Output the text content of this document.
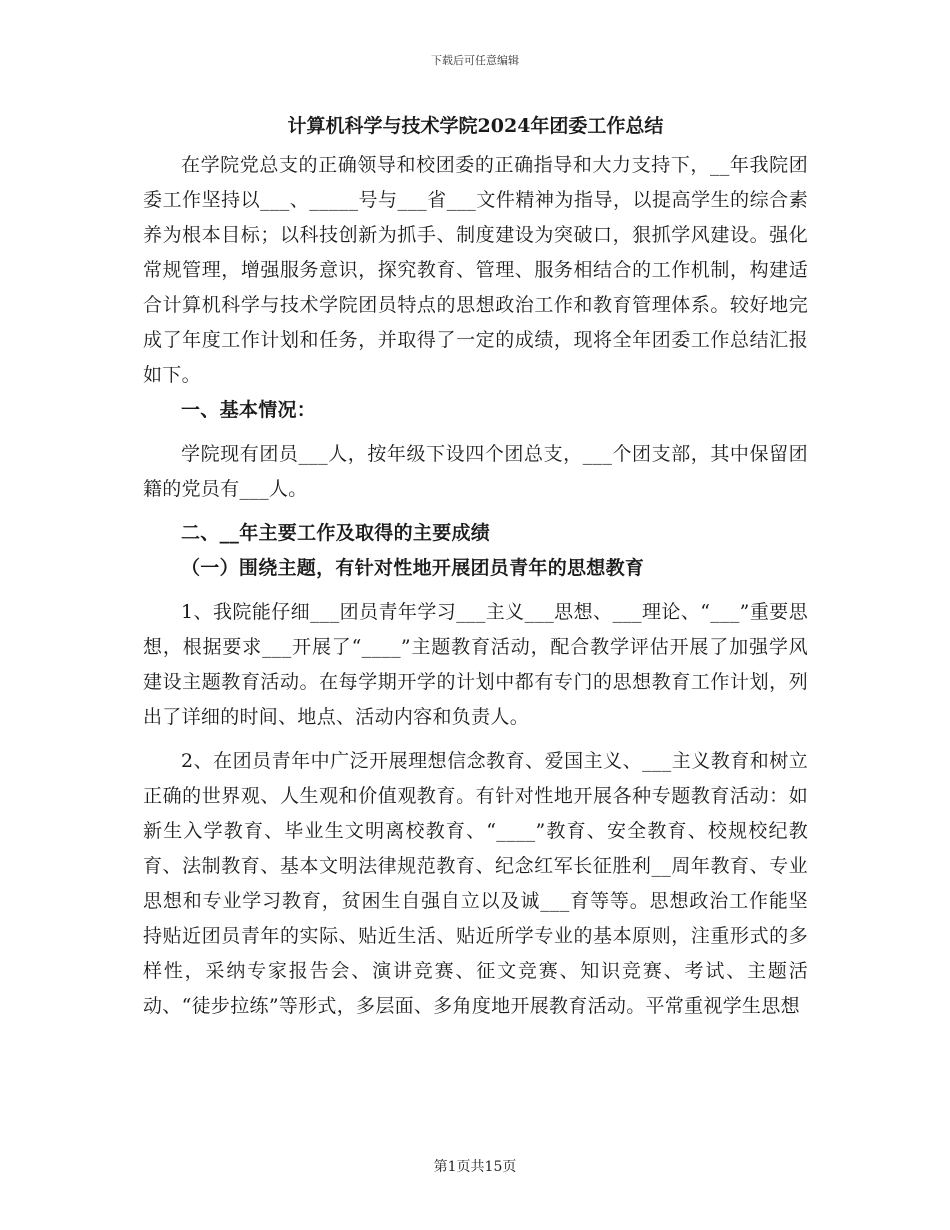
下载后可任意编辑
计算机科学与技术学院2024年团委工作总结

在学院党总支的正确领导和校团委的正确指导和大力支持下，__年我院团委工作坚持以___、_____号与___省___文件精神为指导，以提高学生的综合素养为根本目标；以科技创新为抓手、制度建设为突破口，狠抓学风建设。强化常规管理，增强服务意识，探究教育、管理、服务相结合的工作机制，构建适合计算机科学与技术学院团员特点的思想政治工作和教育管理体系。较好地完成了年度工作计划和任务，并取得了一定的成绩，现将全年团委工作总结汇报如下。

一、基本情况：

学院现有团员___人，按年级下设四个团总支，___个团支部，其中保留团籍的党员有___人。

二、__年主要工作及取得的主要成绩

（一）围绕主题，有针对性地开展团员青年的思想教育

1、我院能仔细___团员青年学习___主义___思想、___理论、“___”重要思想，根据要求___开展了“____”主题教育活动，配合教学评估开展了加强学风建设主题教育活动。在每学期开学的计划中都有专门的思想教育工作计划，列出了详细的时间、地点、活动内容和负责人。

2、在团员青年中广泛开展理想信念教育、爱国主义、___主义教育和树立正确的世界观、人生观和价值观教育。有针对性地开展各种专题教育活动：如新生入学教育、毕业生文明离校教育、“____”教育、安全教育、校规校纪教育、法制教育、基本文明法律规范教育、纪念红军长征胜利__周年教育、专业思想和专业学习教育，贫困生自强自立以及诚___育等等。思想政治工作能坚持贴近团员青年的实际、贴近生活、贴近所学专业的基本原则，注重形式的多样性，采纳专家报告会、演讲竞赛、征文竞赛、知识竞赛、考试、主题活动、“徒步拉练”等形式，多层面、多角度地开展教育活动。平常重视学生思想

第1页共15页
